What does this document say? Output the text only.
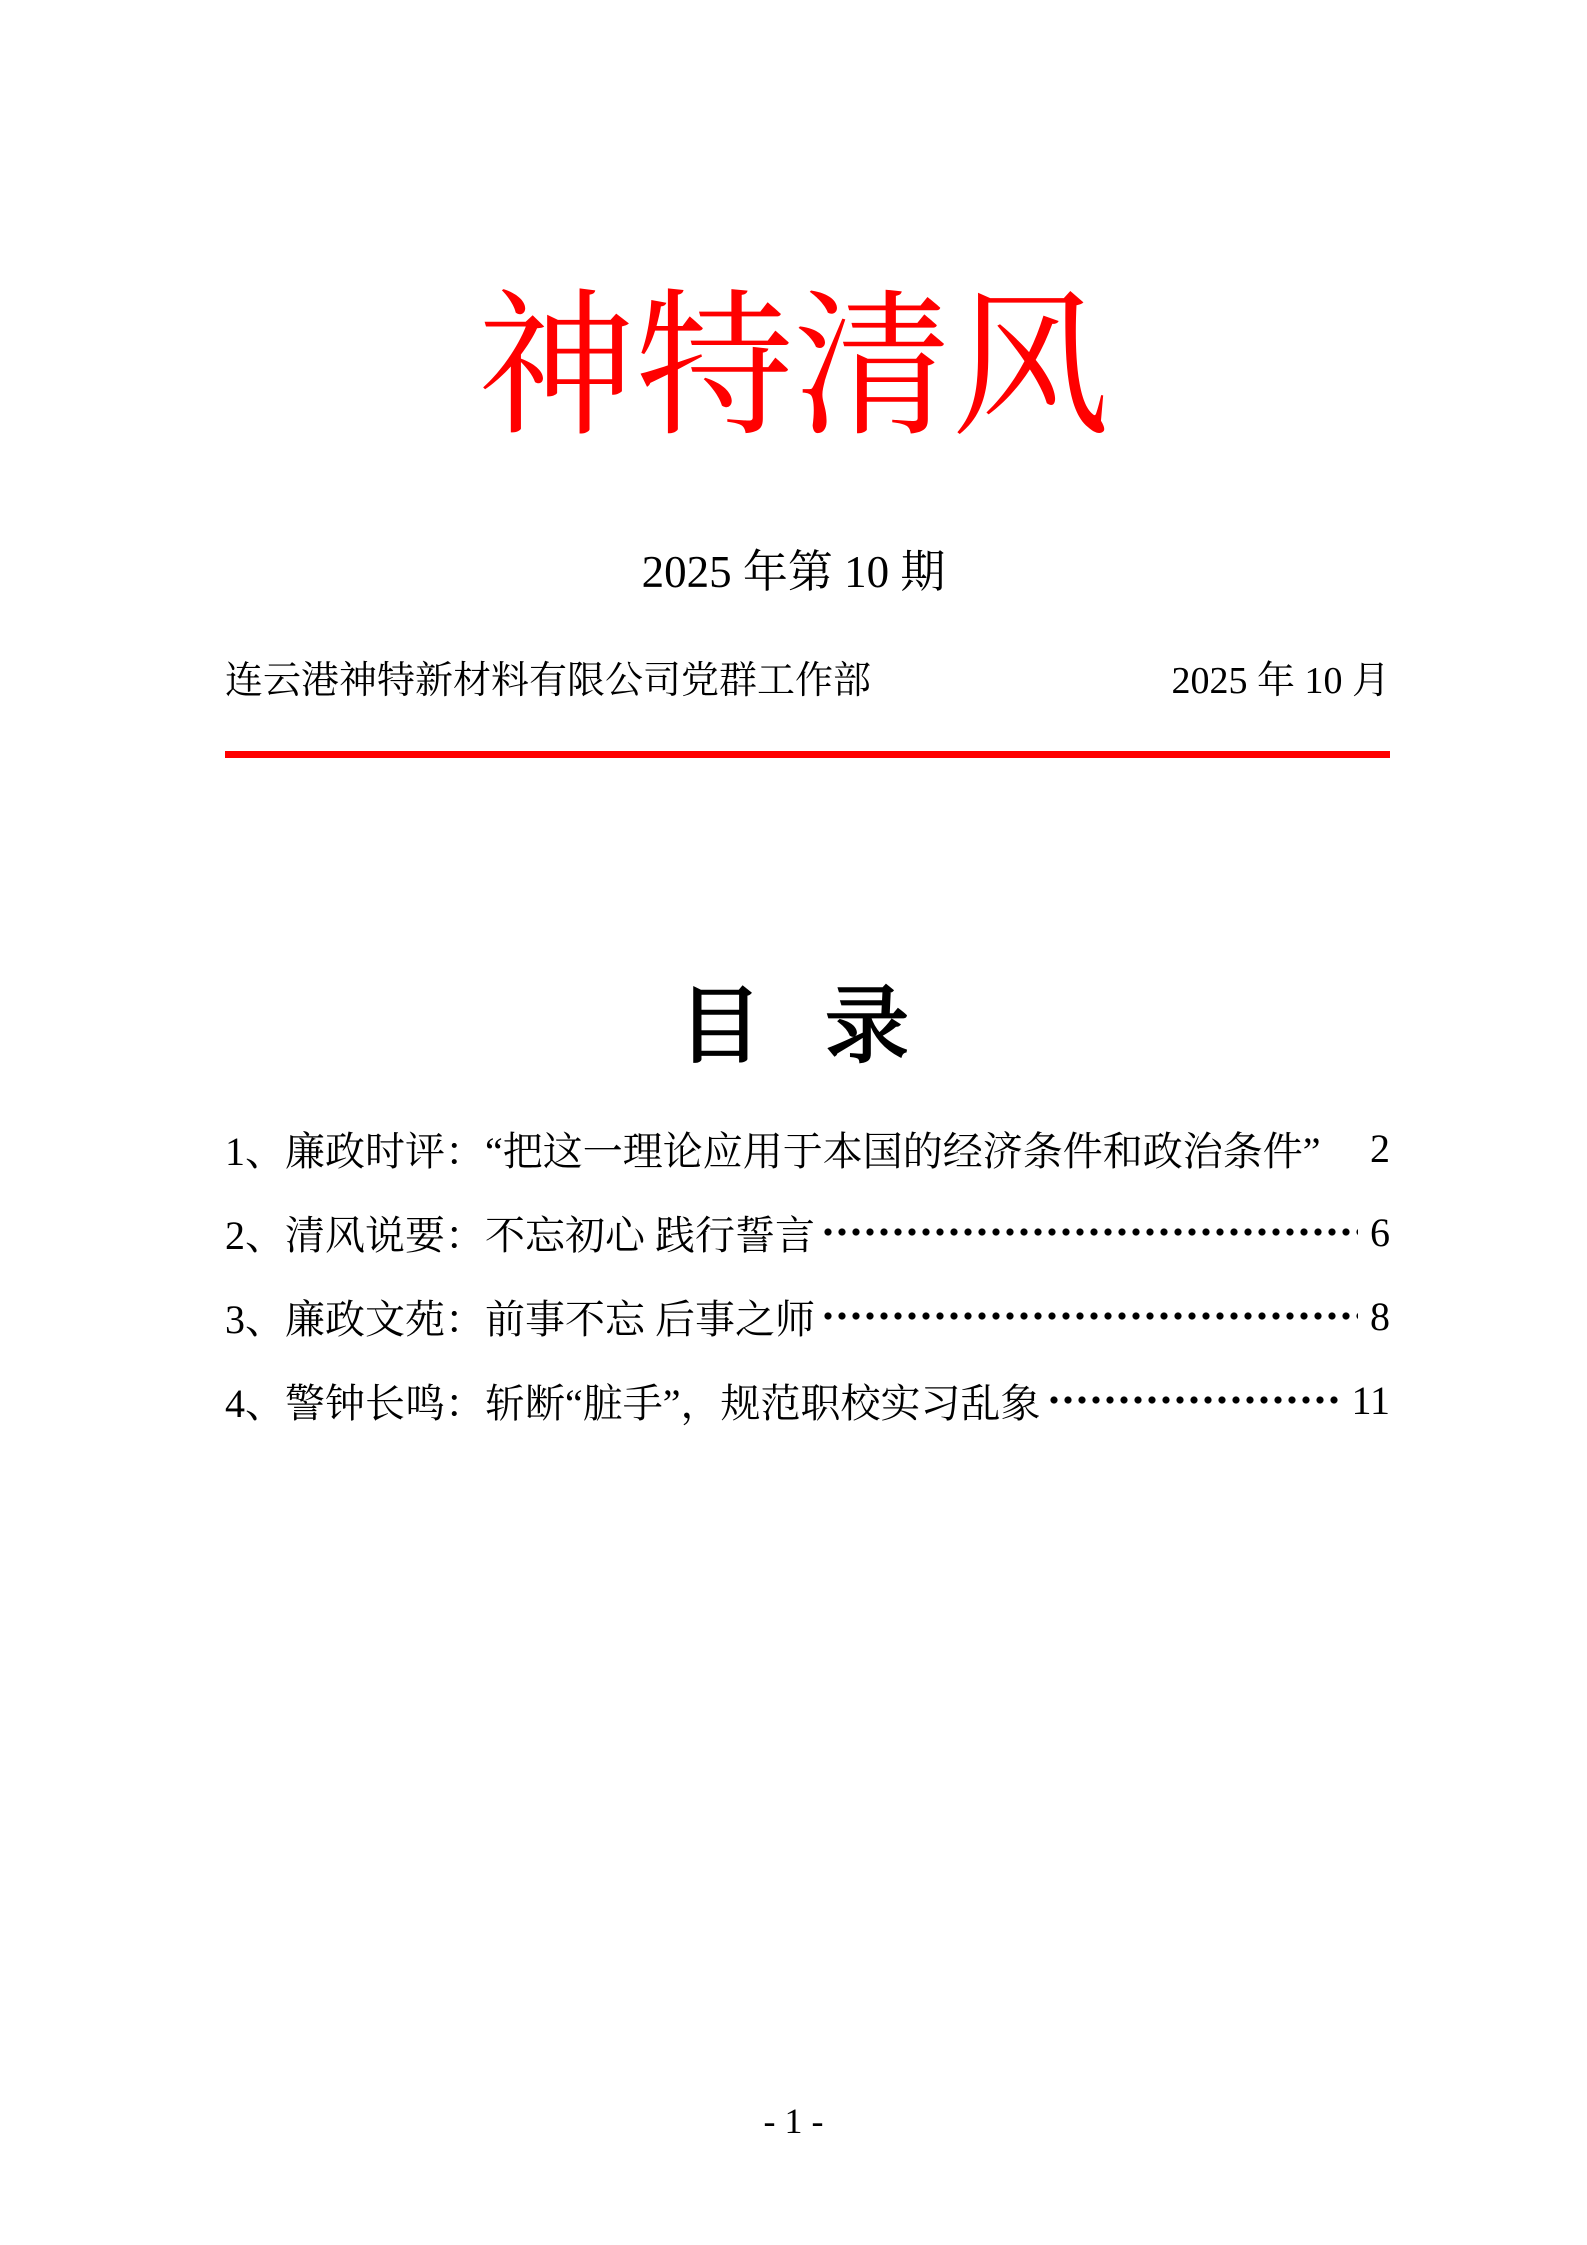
神特清风
2025 年第 10 期
连云港神特新材料有限公司党群工作部	2025 年 10 月
目   录
1、廉政时评：“把这一理论应用于本国的经济条件和政治条件” 2
2、清风说要：不忘初心 践行誓言	6
3、廉政文苑：前事不忘 后事之师	8
4、警钟长鸣：斩断“脏手”，规范职校实习乱象	11
- 1 -
